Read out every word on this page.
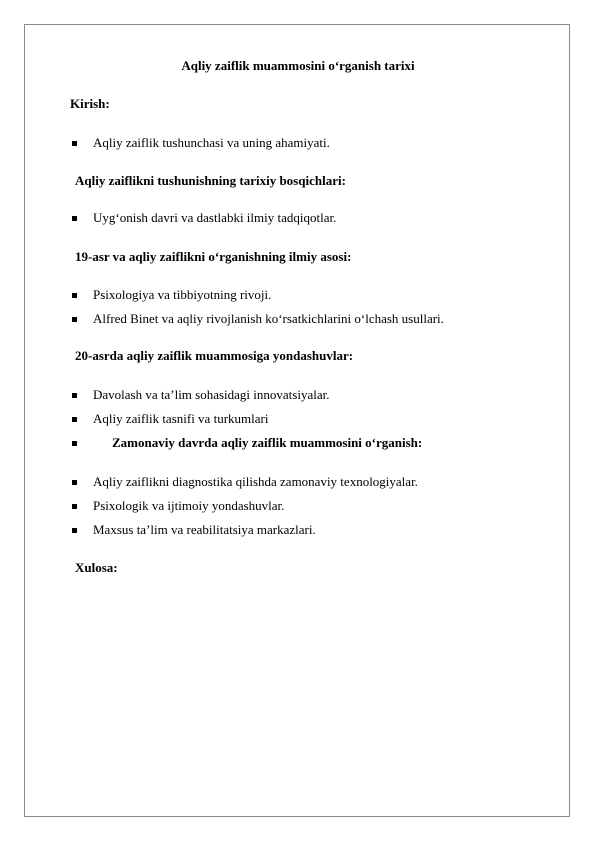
Aqliy zaiflik muammosini o‘rganish tarixi
Kirish:
Aqliy zaiflik tushunchasi va uning ahamiyati.
Aqliy zaiflikni tushunishning tarixiy bosqichlari:
Uyg‘onish davri va dastlabki ilmiy tadqiqotlar.
19-asr va aqliy zaiflikni o‘rganishning ilmiy asosi:
Psixologiya va tibbiyotning rivoji.
Alfred Binet va aqliy rivojlanish ko‘rsatkichlarini o‘lchash usullari.
20-asrda aqliy zaiflik muammosiga yondashuvlar:
Davolash va ta’lim sohasidagi innovatsiyalar.
Aqliy zaiflik tasnifi va turkumlari
Zamonaviy davrda aqliy zaiflik muammosini o‘rganish:
Aqliy zaiflikni diagnostika qilishda zamonaviy texnologiyalar.
Psixologik va ijtimoiy yondashuvlar.
Maxsus ta’lim va reabilitatsiya markazlari.
Xulosa:
